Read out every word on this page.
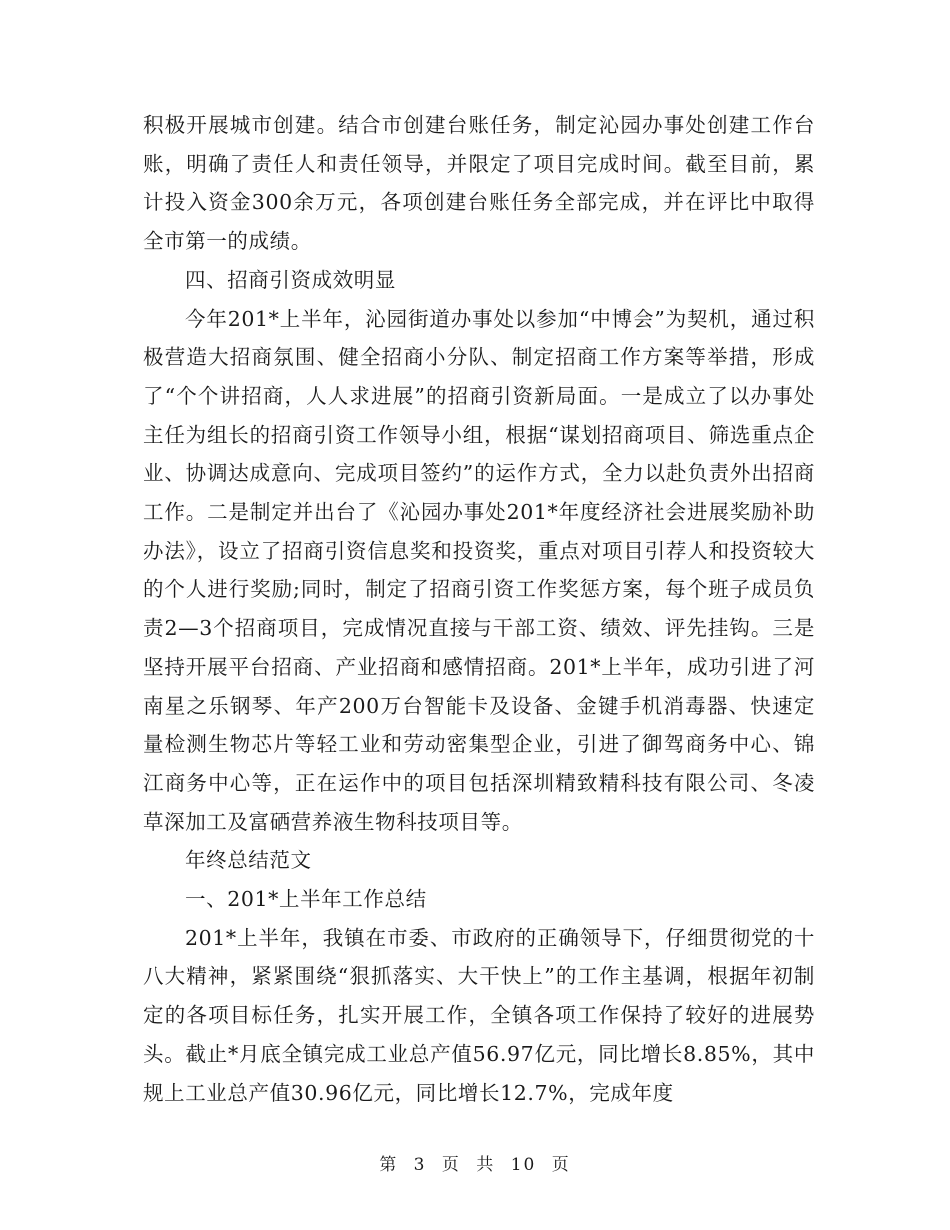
积极开展城市创建。结合市创建台账任务，制定沁园办事处创建工作台账，明确了责任人和责任领导，并限定了项目完成时间。截至目前，累计投入资金300余万元，各项创建台账任务全部完成，并在评比中取得全市第一的成绩。

四、招商引资成效明显

今年201*上半年，沁园街道办事处以参加“中博会”为契机，通过积极营造大招商氛围、健全招商小分队、制定招商工作方案等举措，形成了“个个讲招商，人人求进展”的招商引资新局面。一是成立了以办事处主任为组长的招商引资工作领导小组，根据“谋划招商项目、筛选重点企业、协调达成意向、完成项目签约”的运作方式，全力以赴负责外出招商工作。二是制定并出台了《沁园办事处201*年度经济社会进展奖励补助办法》，设立了招商引资信息奖和投资奖，重点对项目引荐人和投资较大的个人进行奖励;同时，制定了招商引资工作奖惩方案，每个班子成员负责2—3个招商项目，完成情况直接与干部工资、绩效、评先挂钩。三是坚持开展平台招商、产业招商和感情招商。201*上半年，成功引进了河南星之乐钢琴、年产200万台智能卡及设备、金键手机消毒器、快速定量检测生物芯片等轻工业和劳动密集型企业，引进了御驾商务中心、锦江商务中心等，正在运作中的项目包括深圳精致精科技有限公司、冬凌草深加工及富硒营养液生物科技项目等。

年终总结范文

一、201*上半年工作总结

201*上半年，我镇在市委、市政府的正确领导下，仔细贯彻党的十八大精神，紧紧围绕“狠抓落实、大干快上”的工作主基调，根据年初制定的各项目标任务，扎实开展工作，全镇各项工作保持了较好的进展势头。截止*月底全镇完成工业总产值56.97亿元，同比增长8.85%，其中规上工业总产值30.96亿元，同比增长12.7%，完成年度

第 3 页 共 10 页
